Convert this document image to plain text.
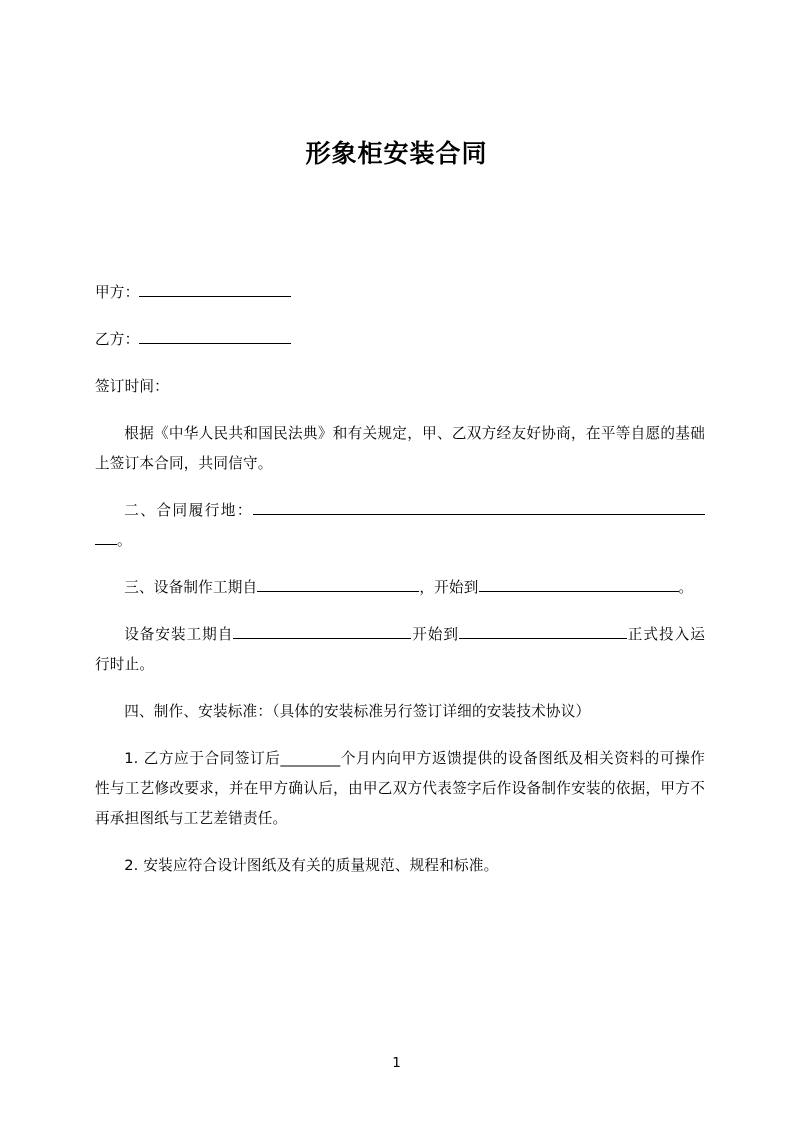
形象柜安装合同

甲方：

乙方：

签订时间：

根据《中华人民共和国民法典》和有关规定，甲、乙双方经友好协商，在平等自愿的基础上签订本合同，共同信守。

二、合同履行地：。

三、设备制作工期自	，开始到	。

设备安装工期自	开始到	正式投入运行时止。

四、制作、安装标准：（具体的安装标准另行签订详细的安装技术协议）

1. 乙方应于合同签订后________个月内向甲方返馈提供的设备图纸及相关资料的可操作性与工艺修改要求，并在甲方确认后，由甲乙双方代表签字后作设备制作安装的依据，甲方不再承担图纸与工艺差错责任。

2. 安装应符合设计图纸及有关的质量规范、规程和标准。

1
